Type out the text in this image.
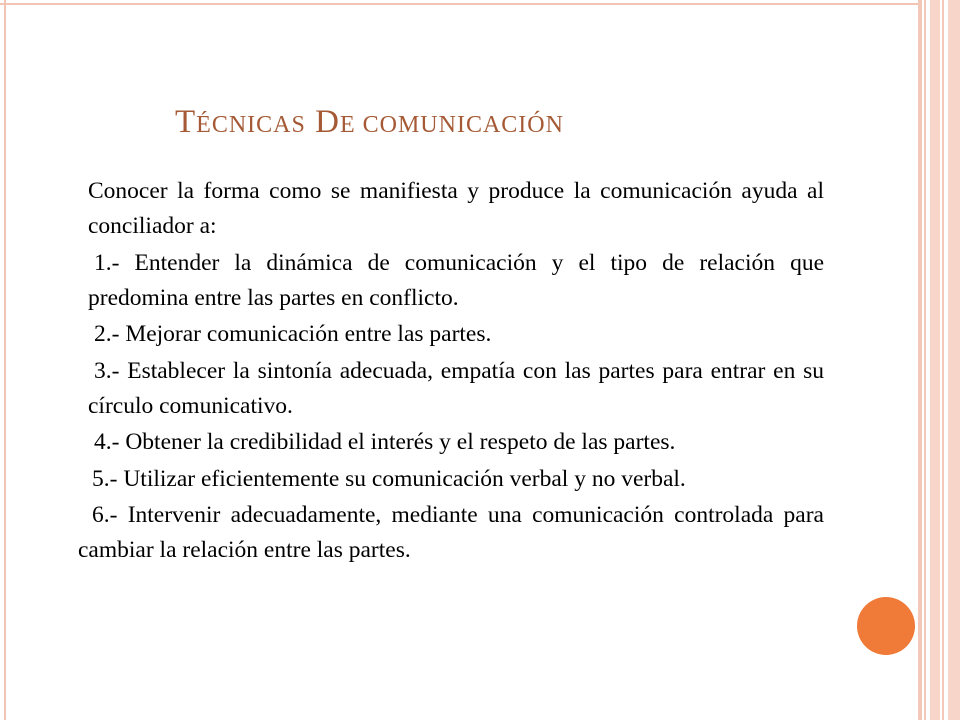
TÉCNICAS DE COMUNICACIÓN

Conocer la forma como se manifiesta y produce la comunicación ayuda al conciliador a:

1.- Entender la dinámica de comunicación y el tipo de relación que predomina entre las partes en conflicto.

2.- Mejorar comunicación entre las partes.

3.- Establecer la sintonía adecuada, empatía con las partes para entrar en su círculo comunicativo.

4.- Obtener la credibilidad el interés y el respeto de las partes.

5.- Utilizar eficientemente su comunicación verbal y no verbal.

6.- Intervenir adecuadamente, mediante una comunicación controlada para cambiar la relación entre las partes.
